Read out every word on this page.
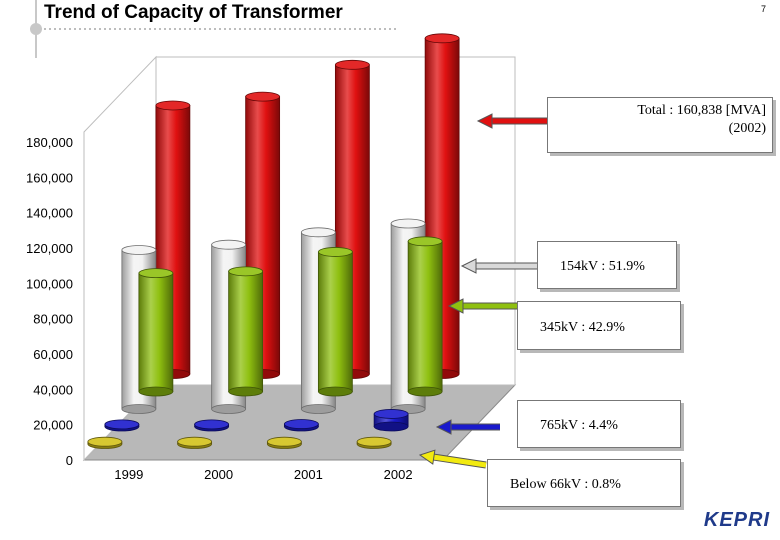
Trend of Capacity of Transformer	7
0
20,000
40,000
60,000
80,000
100,000
120,000
140,000
160,000
180,000
1999	2000	2001	2002
Total : 160,838 [MVA]
(2002)
154kV : 51.9%
345kV : 42.9%
765kV : 4.4%
Below 66kV : 0.8%
KEPRI
